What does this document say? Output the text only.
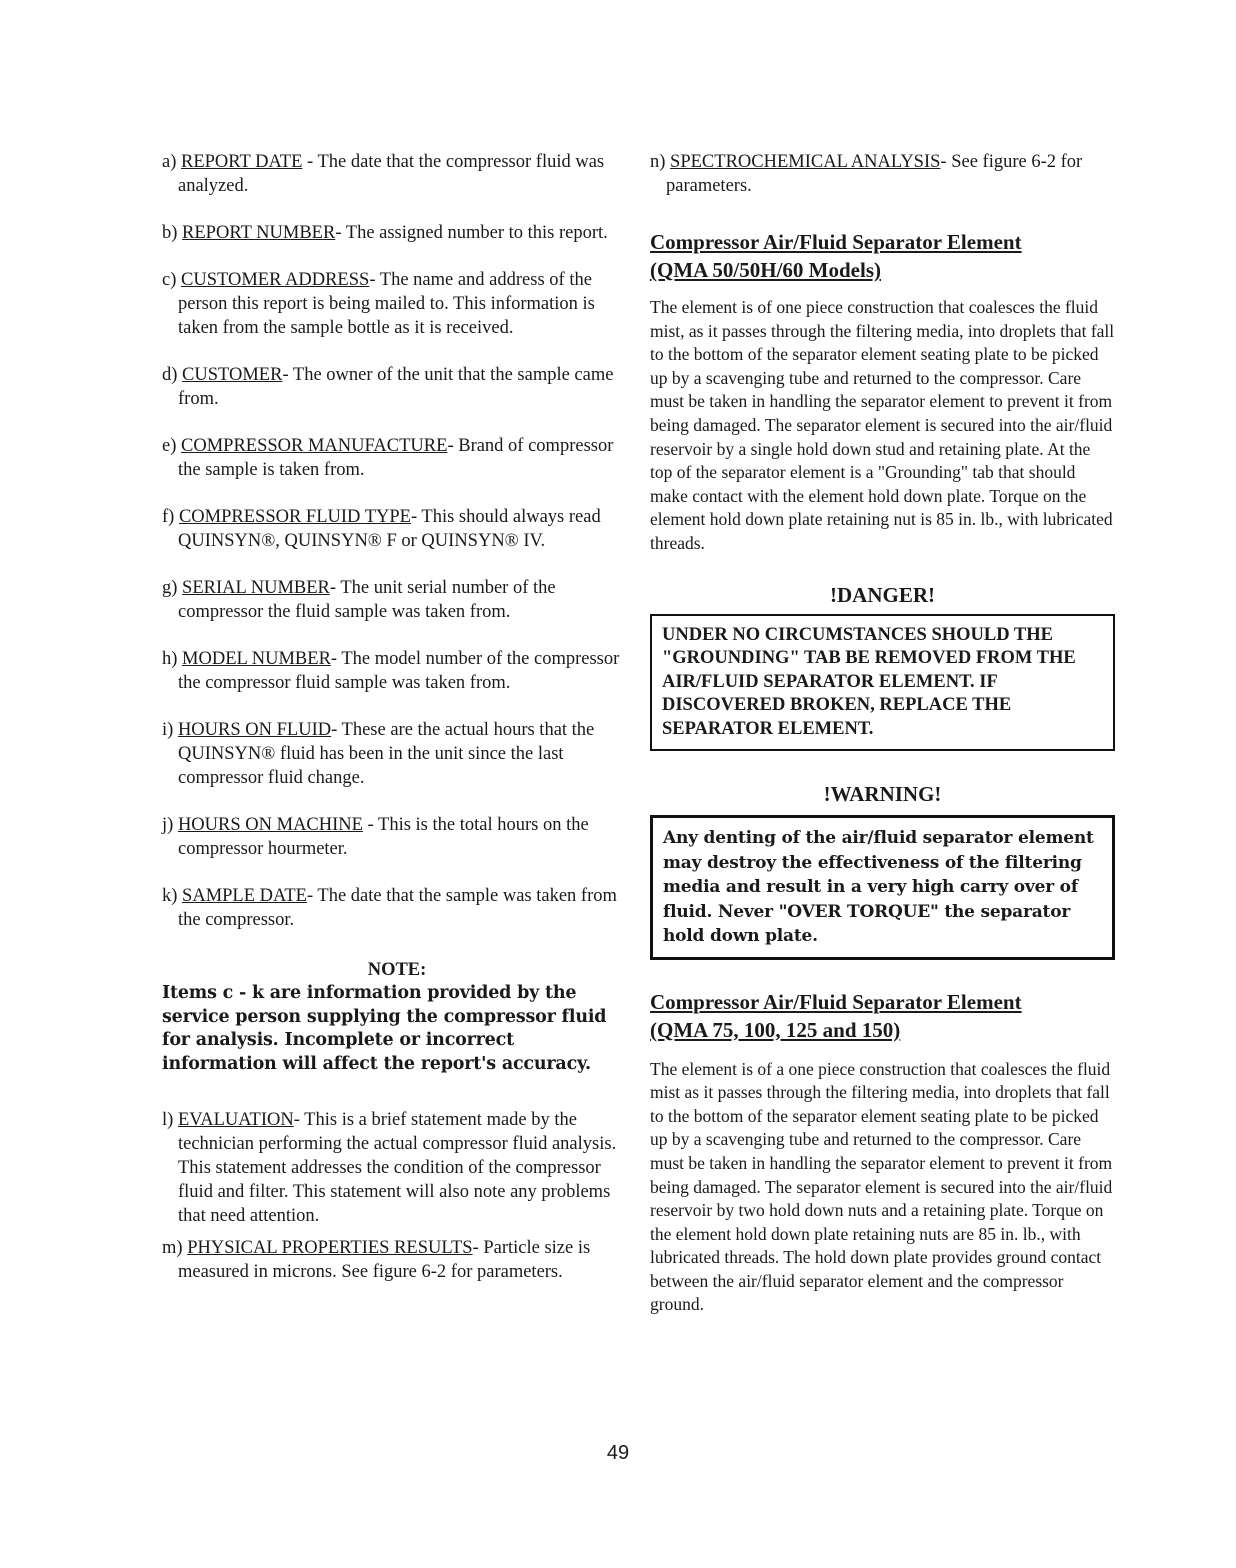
a) REPORT DATE - The date that the compressor fluid was analyzed.

b) REPORT NUMBER- The assigned number to this report.

c) CUSTOMER ADDRESS- The name and address of the person this report is being mailed to. This information is taken from the sample bottle as it is received.

d) CUSTOMER- The owner of the unit that the sample came from.

e) COMPRESSOR MANUFACTURE- Brand of compressor the sample is taken from.

f) COMPRESSOR FLUID TYPE- This should always read QUINSYN®, QUINSYN® F or QUINSYN® IV.

g) SERIAL NUMBER- The unit serial number of the compressor the fluid sample was taken from.

h) MODEL NUMBER- The model number of the compressor the compressor fluid sample was taken from.

i) HOURS ON FLUID- These are the actual hours that the QUINSYN® fluid has been in the unit since the last compressor fluid change.

j) HOURS ON MACHINE - This is the total hours on the compressor hourmeter.

k) SAMPLE DATE- The date that the sample was taken from the compressor.

NOTE:

Items c - k are information provided by the service person supplying the compressor fluid for analysis. Incomplete or incorrect information will affect the report's accuracy.

l) EVALUATION- This is a brief statement made by the technician performing the actual compressor fluid analysis. This statement addresses the condition of the compressor fluid and filter. This statement will also note any problems that need attention.

m) PHYSICAL PROPERTIES RESULTS- Particle size is measured in microns. See figure 6-2 for parameters.

n) SPECTROCHEMICAL ANALYSIS- See figure 6-2 for parameters.

Compressor Air/Fluid Separator Element

(QMA 50/50H/60 Models)

The element is of one piece construction that coalesces the fluid mist, as it passes through the filtering media, into droplets that fall to the bottom of the separator element seating plate to be picked up by a scavenging tube and returned to the compressor. Care must be taken in handling the separator element to prevent it from being damaged. The separator element is secured into the air/fluid reservoir by a single hold down stud and retaining plate. At the top of the separator element is a "Grounding" tab that should make contact with the element hold down plate. Torque on the element hold down plate retaining nut is 85 in. lb., with lubricated threads.

!DANGER!

UNDER NO CIRCUMSTANCES SHOULD THE "GROUNDING" TAB BE REMOVED FROM THE AIR/FLUID SEPARATOR ELEMENT. IF DISCOVERED BROKEN, REPLACE THE SEPARATOR ELEMENT.

!WARNING!

Any denting of the air/fluid separator element may destroy the effectiveness of the filtering media and result in a very high carry over of fluid. Never "OVER TORQUE" the separator hold down plate.

Compressor Air/Fluid Separator Element

(QMA 75, 100, 125 and 150)

The element is of a one piece construction that coalesces the fluid mist as it passes through the filtering media, into droplets that fall to the bottom of the separator element seating plate to be picked up by a scavenging tube and returned to the compressor. Care must be taken in handling the separator element to prevent it from being damaged. The separator element is secured into the air/fluid reservoir by two hold down nuts and a retaining plate. Torque on the element hold down plate retaining nuts are 85 in. lb., with lubricated threads. The hold down plate provides ground contact between the air/fluid separator element and the compressor ground.

49
